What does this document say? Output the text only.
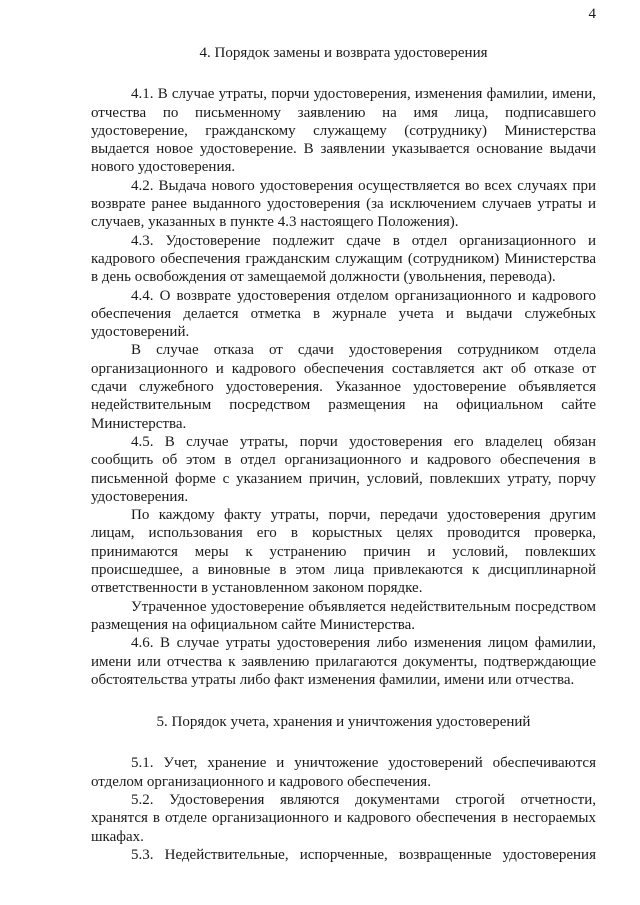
4
4. Порядок замены и возврата удостоверения

4.1. В случае утраты, порчи удостоверения, изменения фамилии, имени, отчества по письменному заявлению на имя лица, подписавшего удостоверение, гражданскому служащему (сотруднику) Министерства выдается новое удостоверение. В заявлении указывается основание выдачи нового удостоверения.

4.2. Выдача нового удостоверения осуществляется во всех случаях при возврате ранее выданного удостоверения (за исключением случаев утраты и случаев, указанных в пункте 4.3 настоящего Положения).

4.3. Удостоверение подлежит сдаче в отдел организационного и кадрового обеспечения гражданским служащим (сотрудником) Министерства в день освобождения от замещаемой должности (увольнения, перевода).

4.4. О возврате удостоверения отделом организационного и кадрового обеспечения делается отметка в журнале учета и выдачи служебных удостоверений.

В случае отказа от сдачи удостоверения сотрудником отдела организационного и кадрового обеспечения составляется акт об отказе от сдачи служебного удостоверения. Указанное удостоверение объявляется недействительным посредством размещения на официальном сайте Министерства.

4.5. В случае утраты, порчи удостоверения его владелец обязан сообщить об этом в отдел организационного и кадрового обеспечения в письменной форме с указанием причин, условий, повлекших утрату, порчу удостоверения.

По каждому факту утраты, порчи, передачи удостоверения другим лицам, использования его в корыстных целях проводится проверка, принимаются меры к устранению причин и условий, повлекших происшедшее, а виновные в этом лица привлекаются к дисциплинарной ответственности в установленном законом порядке.

Утраченное удостоверение объявляется недействительным посредством размещения на официальном сайте Министерства.

4.6. В случае утраты удостоверения либо изменения лицом фамилии, имени или отчества к заявлению прилагаются документы, подтверждающие обстоятельства утраты либо факт изменения фамилии, имени или отчества.

5. Порядок учета, хранения и уничтожения удостоверений

5.1. Учет, хранение и уничтожение удостоверений обеспечиваются отделом организационного и кадрового обеспечения.

5.2. Удостоверения являются документами строгой отчетности, хранятся в отделе организационного и кадрового обеспечения в несгораемых шкафах.

5.3. Недействительные, испорченные, возвращенные удостоверения
